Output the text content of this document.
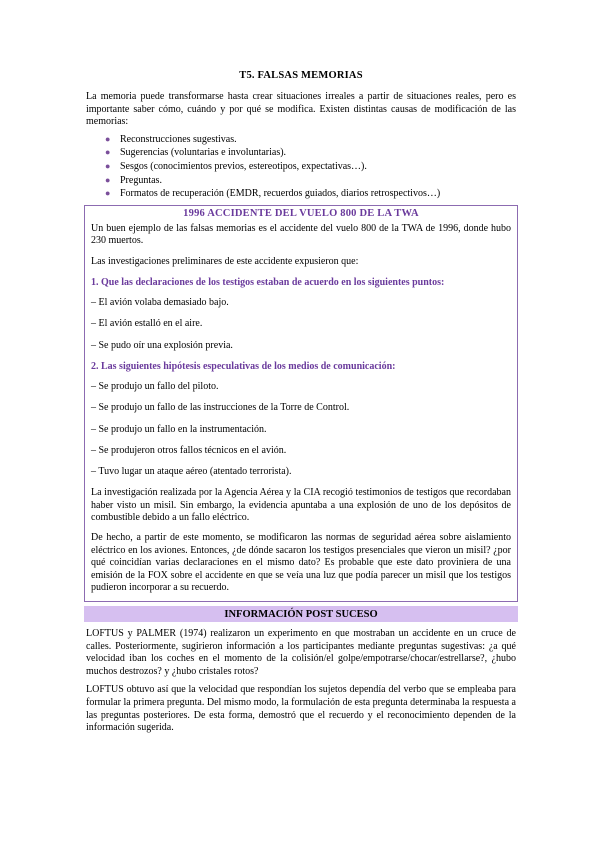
T5. FALSAS MEMORIAS

La memoria puede transformarse hasta crear situaciones irreales a partir de situaciones reales, pero es importante saber cómo, cuándo y por qué se modifica. Existen distintas causas de modificación de las memorias:

● Reconstrucciones sugestivas.
● Sugerencias (voluntarias e involuntarias).
● Sesgos (conocimientos previos, estereotipos, expectativas…).
● Preguntas.
● Formatos de recuperación (EMDR, recuerdos guiados, diarios retrospectivos…)
1996 ACCIDENTE DEL VUELO 800 DE LA TWA

Un buen ejemplo de las falsas memorias es el accidente del vuelo 800 de la TWA de 1996, donde hubo 230 muertos.

Las investigaciones preliminares de este accidente expusieron que:

1. Que las declaraciones de los testigos estaban de acuerdo en los siguientes puntos:
– El avión volaba demasiado bajo.
– El avión estalló en el aire.
– Se pudo oír una explosión previa.
2. Las siguientes hipótesis especulativas de los medios de comunicación:
– Se produjo un fallo del piloto.
– Se produjo un fallo de las instrucciones de la Torre de Control.
– Se produjo un fallo en la instrumentación.
– Se produjeron otros fallos técnicos en el avión.
– Tuvo lugar un ataque aéreo (atentado terrorista).

La investigación realizada por la Agencia Aérea y la CIA recogió testimonios de testigos que recordaban haber visto un misil. Sin embargo, la evidencia apuntaba a una explosión de uno de los depósitos de combustible debido a un fallo eléctrico.

De hecho, a partir de este momento, se modificaron las normas de seguridad aérea sobre aislamiento eléctrico en los aviones. Entonces, ¿de dónde sacaron los testigos presenciales que vieron un misil? ¿por qué coincidían varias declaraciones en el mismo dato? Es probable que este dato proviniera de una emisión de la FOX sobre el accidente en que se veía una luz que podía parecer un misil que los testigos pudieron incorporar a su recuerdo.

INFORMACIÓN POST SUCESO

LOFTUS y PALMER (1974) realizaron un experimento en que mostraban un accidente en un cruce de calles. Posteriormente, sugirieron información a los participantes mediante preguntas sugestivas: ¿a qué velocidad iban los coches en el momento de la colisión/el golpe/empotrarse/chocar/estrellarse?, ¿hubo muchos destrozos? y ¿hubo cristales rotos?

LOFTUS obtuvo así que la velocidad que respondían los sujetos dependía del verbo que se empleaba para formular la primera pregunta. Del mismo modo, la formulación de esta pregunta determinaba la respuesta a las preguntas posteriores. De esta forma, demostró que el recuerdo y el reconocimiento dependen de la información sugerida.
